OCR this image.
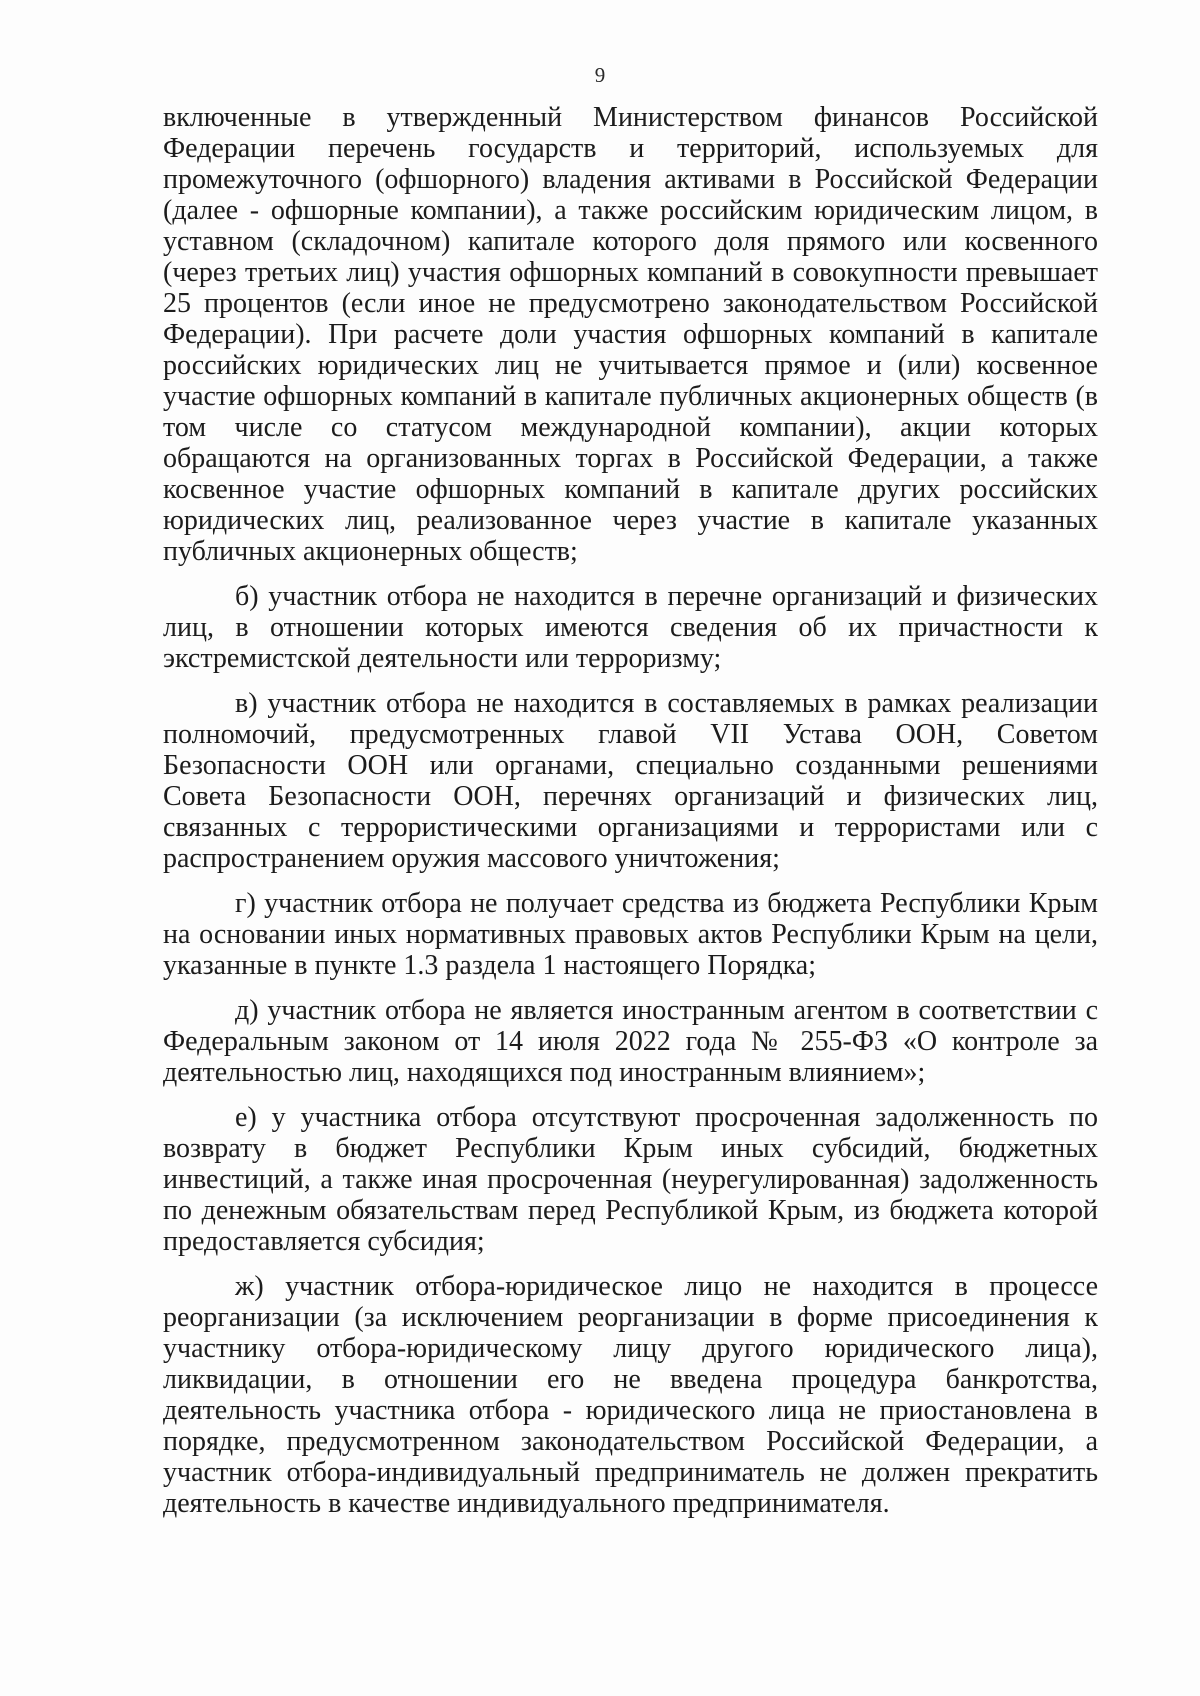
9

включенные в утвержденный Министерством финансов Российской Федерации перечень государств и территорий, используемых для промежуточного (офшорного) владения активами в Российской Федерации (далее - офшорные компании), а также российским юридическим лицом, в уставном (складочном) капитале которого доля прямого или косвенного (через третьих лиц) участия офшорных компаний в совокупности превышает 25 процентов (если иное не предусмотрено законодательством Российской Федерации). При расчете доли участия офшорных компаний в капитале российских юридических лиц не учитывается прямое и (или) косвенное участие офшорных компаний в капитале публичных акционерных обществ (в том числе со статусом международной компании), акции которых обращаются на организованных торгах в Российской Федерации, а также косвенное участие офшорных компаний в капитале других российских юридических лиц, реализованное через участие в капитале указанных публичных акционерных обществ;

б) участник отбора не находится в перечне организаций и физических лиц, в отношении которых имеются сведения об их причастности к экстремистской деятельности или терроризму;

в) участник отбора не находится в составляемых в рамках реализации полномочий, предусмотренных главой VII Устава ООН, Советом Безопасности ООН или органами, специально созданными решениями Совета Безопасности ООН, перечнях организаций и физических лиц, связанных с террористическими организациями и террористами или с распространением оружия массового уничтожения;

г) участник отбора не получает средства из бюджета Республики Крым на основании иных нормативных правовых актов Республики Крым на цели, указанные в пункте 1.3 раздела 1 настоящего Порядка;

д) участник отбора не является иностранным агентом в соответствии с Федеральным законом от 14 июля 2022 года № 255-ФЗ «О контроле за деятельностью лиц, находящихся под иностранным влиянием»;

е) у участника отбора отсутствуют просроченная задолженность по возврату в бюджет Республики Крым иных субсидий, бюджетных инвестиций, а также иная просроченная (неурегулированная) задолженность по денежным обязательствам перед Республикой Крым, из бюджета которой предоставляется субсидия;

ж) участник отбора-юридическое лицо не находится в процессе реорганизации (за исключением реорганизации в форме присоединения к участнику отбора-юридическому лицу другого юридического лица), ликвидации, в отношении его не введена процедура банкротства, деятельность участника отбора - юридического лица не приостановлена в порядке, предусмотренном законодательством Российской Федерации, а участник отбора-индивидуальный предприниматель не должен прекратить деятельность в качестве индивидуального предпринимателя.
